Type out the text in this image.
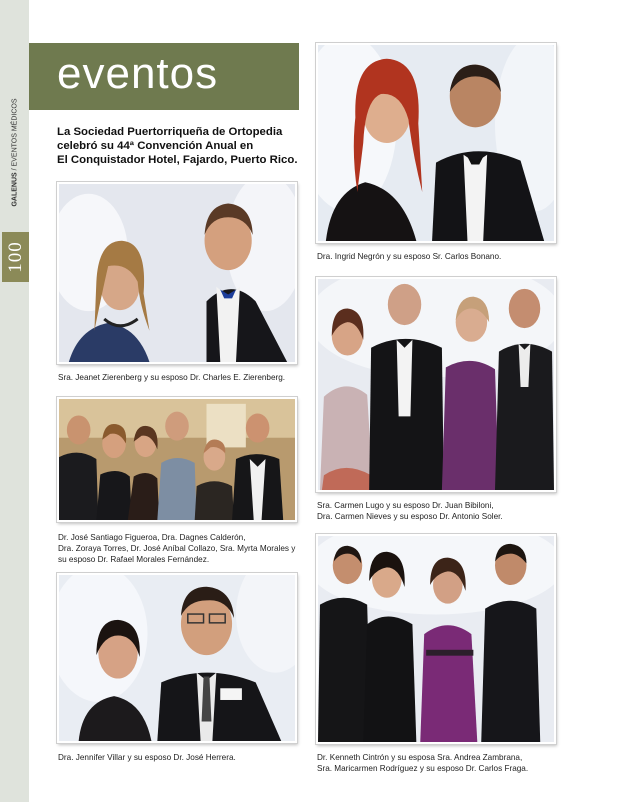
GALENUS / EVENTOS MÉDICOS
100
eventos
La Sociedad Puertorriqueña de Ortopedia
celebró su 44ª Convención Anual en
El Conquistador Hotel, Fajardo, Puerto Rico.
Sra. Jeanet Zierenberg y su esposo Dr. Charles E. Zierenberg.
Dr. José Santiago Figueroa, Dra. Dagnes Calderón,
Dra. Zoraya Torres, Dr. José Aníbal Collazo, Sra. Myrta Morales y
su esposo Dr. Rafael Morales Fernández.
Dra. Jennifer Villar y su esposo Dr. José Herrera.
Dra. Ingrid Negrón y su esposo Sr. Carlos Bonano.
Sra. Carmen Lugo y su esposo Dr. Juan Bibiloni,
Dra. Carmen Nieves y su esposo Dr. Antonio Soler.
Dr. Kenneth Cintrón y su esposa Sra. Andrea Zambrana,
Sra. Maricarmen Rodríguez y su esposo Dr. Carlos Fraga.
